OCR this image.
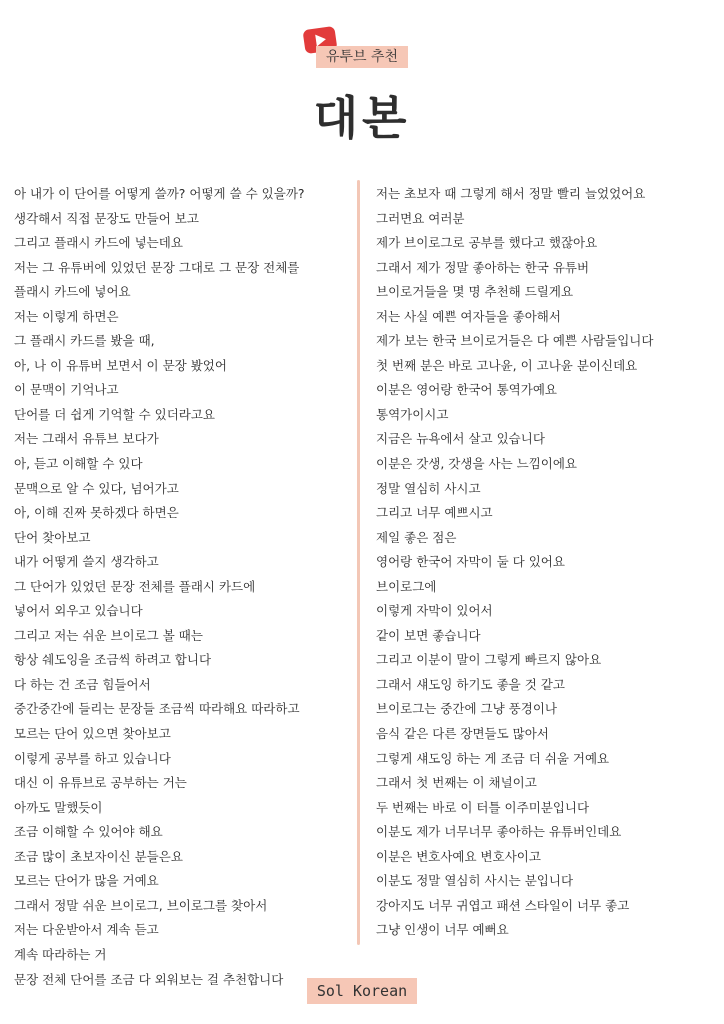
유투브 추천
대본
아 내가 이 단어를 어떻게 쓸까? 어떻게 쓸 수 있을까?
생각해서 직접 문장도 만들어 보고
그리고 플래시 카드에 넣는데요
저는 그 유튜버에 있었던 문장 그대로 그 문장 전체를
플래시 카드에 넣어요
저는 이렇게 하면은
그 플래시 카드를 봤을 때,
아, 나 이 유튜버 보면서 이 문장 봤었어
이 문맥이 기억나고
단어를 더 쉽게 기억할 수 있더라고요
저는 그래서 유튜브 보다가
아, 듣고 이해할 수 있다
문맥으로 알 수 있다, 넘어가고
아, 이해 진짜 못하겠다 하면은
단어 찾아보고
내가 어떻게 쓸지 생각하고
그 단어가 있었던 문장 전체를 플래시 카드에
넣어서 외우고 있습니다
그리고 저는 쉬운 브이로그 볼 때는
항상 쉐도잉을 조금씩 하려고 합니다
다 하는 건 조금 힘들어서
중간중간에 들리는 문장들 조금씩 따라해요 따라하고
모르는 단어 있으면 찾아보고
이렇게 공부를 하고 있습니다
대신 이 유튜브로 공부하는 거는
아까도 말했듯이
조금 이해할 수 있어야 해요
조금 많이 초보자이신 분들은요
모르는 단어가 많을 거예요
그래서 정말 쉬운 브이로그, 브이로그를 찾아서
저는 다운받아서 계속 듣고
계속 따라하는 거
문장 전체 단어를 조금 다 외워보는 걸 추천합니다
저는 초보자 때 그렇게 해서 정말 빨리 늘었었어요
그러면요 여러분
제가 브이로그로 공부를 했다고 했잖아요
그래서 제가 정말 좋아하는 한국 유튜버
브이로거들을 몇 명 추천해 드릴게요
저는 사실 예쁜 여자들을 좋아해서
제가 보는 한국 브이로거들은 다 예쁜 사람들입니다
첫 번째 분은 바로 고나윤, 이 고나윤 분이신데요
이분은 영어랑 한국어 통역가예요
통역가이시고
지금은 뉴욕에서 살고 있습니다
이분은 갓생, 갓생을 사는 느낌이에요
정말 열심히 사시고
그리고 너무 예쁘시고
제일 좋은 점은
영어랑 한국어 자막이 둘 다 있어요
브이로그에
이렇게 자막이 있어서
같이 보면 좋습니다
그리고 이분이 말이 그렇게 빠르지 않아요
그래서 섀도잉 하기도 좋을 것 같고
브이로그는 중간에 그냥 풍경이나
음식 같은 다른 장면들도 많아서
그렇게 섀도잉 하는 게 조금 더 쉬울 거예요
그래서 첫 번째는 이 채널이고
두 번째는 바로 이 터틀 이주미분입니다
이분도 제가 너무너무 좋아하는 유튜버인데요
이분은 변호사예요 변호사이고
이분도 정말 열심히 사시는 분입니다
강아지도 너무 귀엽고 패션 스타일이 너무 좋고
그냥 인생이 너무 예뻐요
Sol Korean
